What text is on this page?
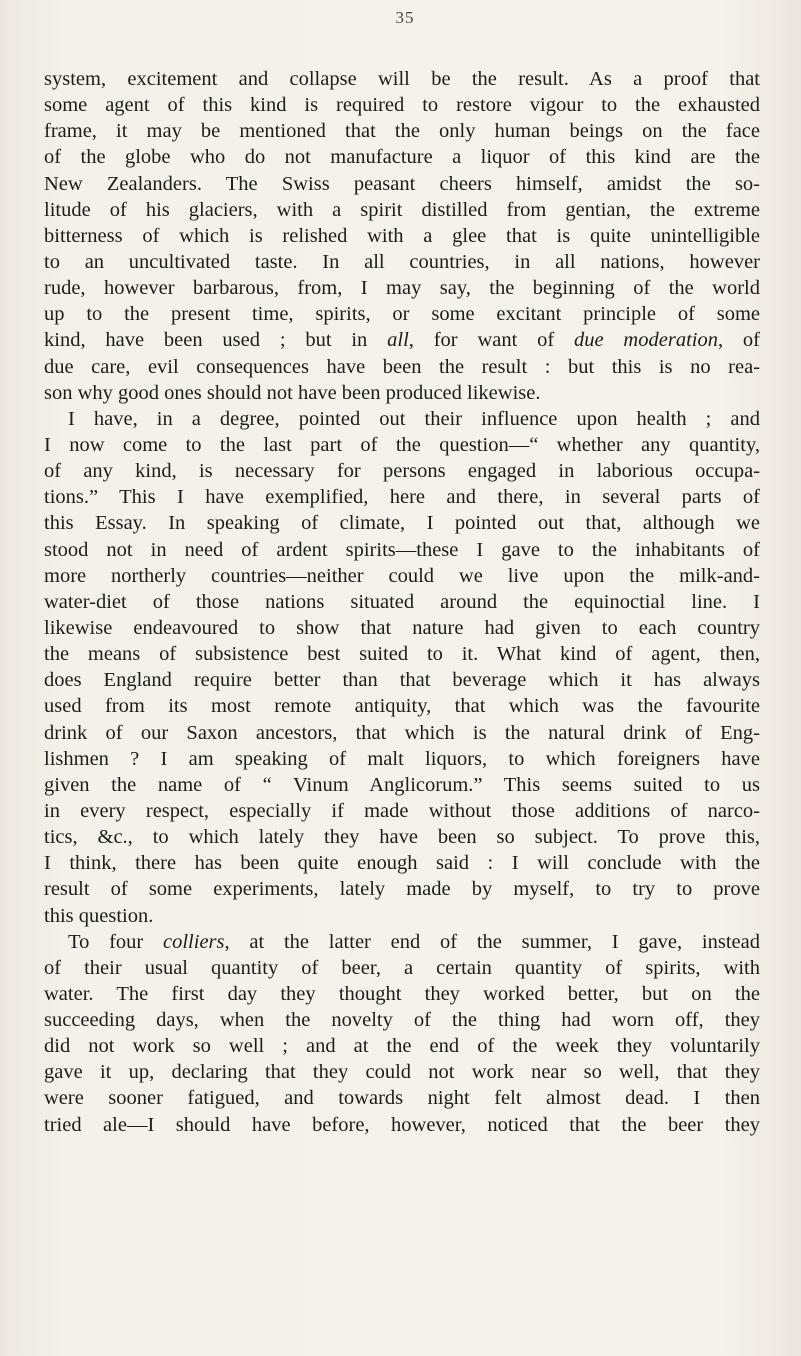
35

system, excitement and collapse will be the result. As a proof that
some agent of this kind is required to restore vigour to the exhausted
frame, it may be mentioned that the only human beings on the face
of the globe who do not manufacture a liquor of this kind are the
New Zealanders. The Swiss peasant cheers himself, amidst the so-
litude of his glaciers, with a spirit distilled from gentian, the extreme
bitterness of which is relished with a glee that is quite unintelligible
to an uncultivated taste. In all countries, in all nations, however
rude, however barbarous, from, I may say, the beginning of the world
up to the present time, spirits, or some excitant principle of some
kind, have been used ; but in all, for want of due moderation, of
due care, evil consequences have been the result : but this is no rea-
son why good ones should not have been produced likewise.

I have, in a degree, pointed out their influence upon health ; and
I now come to the last part of the question—“ whether any quantity,
of any kind, is necessary for persons engaged in laborious occupa-
tions.” This I have exemplified, here and there, in several parts of
this Essay. In speaking of climate, I pointed out that, although we
stood not in need of ardent spirits—these I gave to the inhabitants of
more northerly countries—neither could we live upon the milk-and-
water-diet of those nations situated around the equinoctial line. I
likewise endeavoured to show that nature had given to each country
the means of subsistence best suited to it. What kind of agent, then,
does England require better than that beverage which it has always
used from its most remote antiquity, that which was the favourite
drink of our Saxon ancestors, that which is the natural drink of Eng-
lishmen ? I am speaking of malt liquors, to which foreigners have
given the name of “ Vinum Anglicorum.” This seems suited to us
in every respect, especially if made without those additions of narco-
tics, &c., to which lately they have been so subject. To prove this,
I think, there has been quite enough said : I will conclude with the
result of some experiments, lately made by myself, to try to prove
this question.

To four colliers, at the latter end of the summer, I gave, instead
of their usual quantity of beer, a certain quantity of spirits, with
water. The first day they thought they worked better, but on the
succeeding days, when the novelty of the thing had worn off, they
did not work so well ; and at the end of the week they voluntarily
gave it up, declaring that they could not work near so well, that they
were sooner fatigued, and towards night felt almost dead. I then
tried ale—I should have before, however, noticed that the beer they
